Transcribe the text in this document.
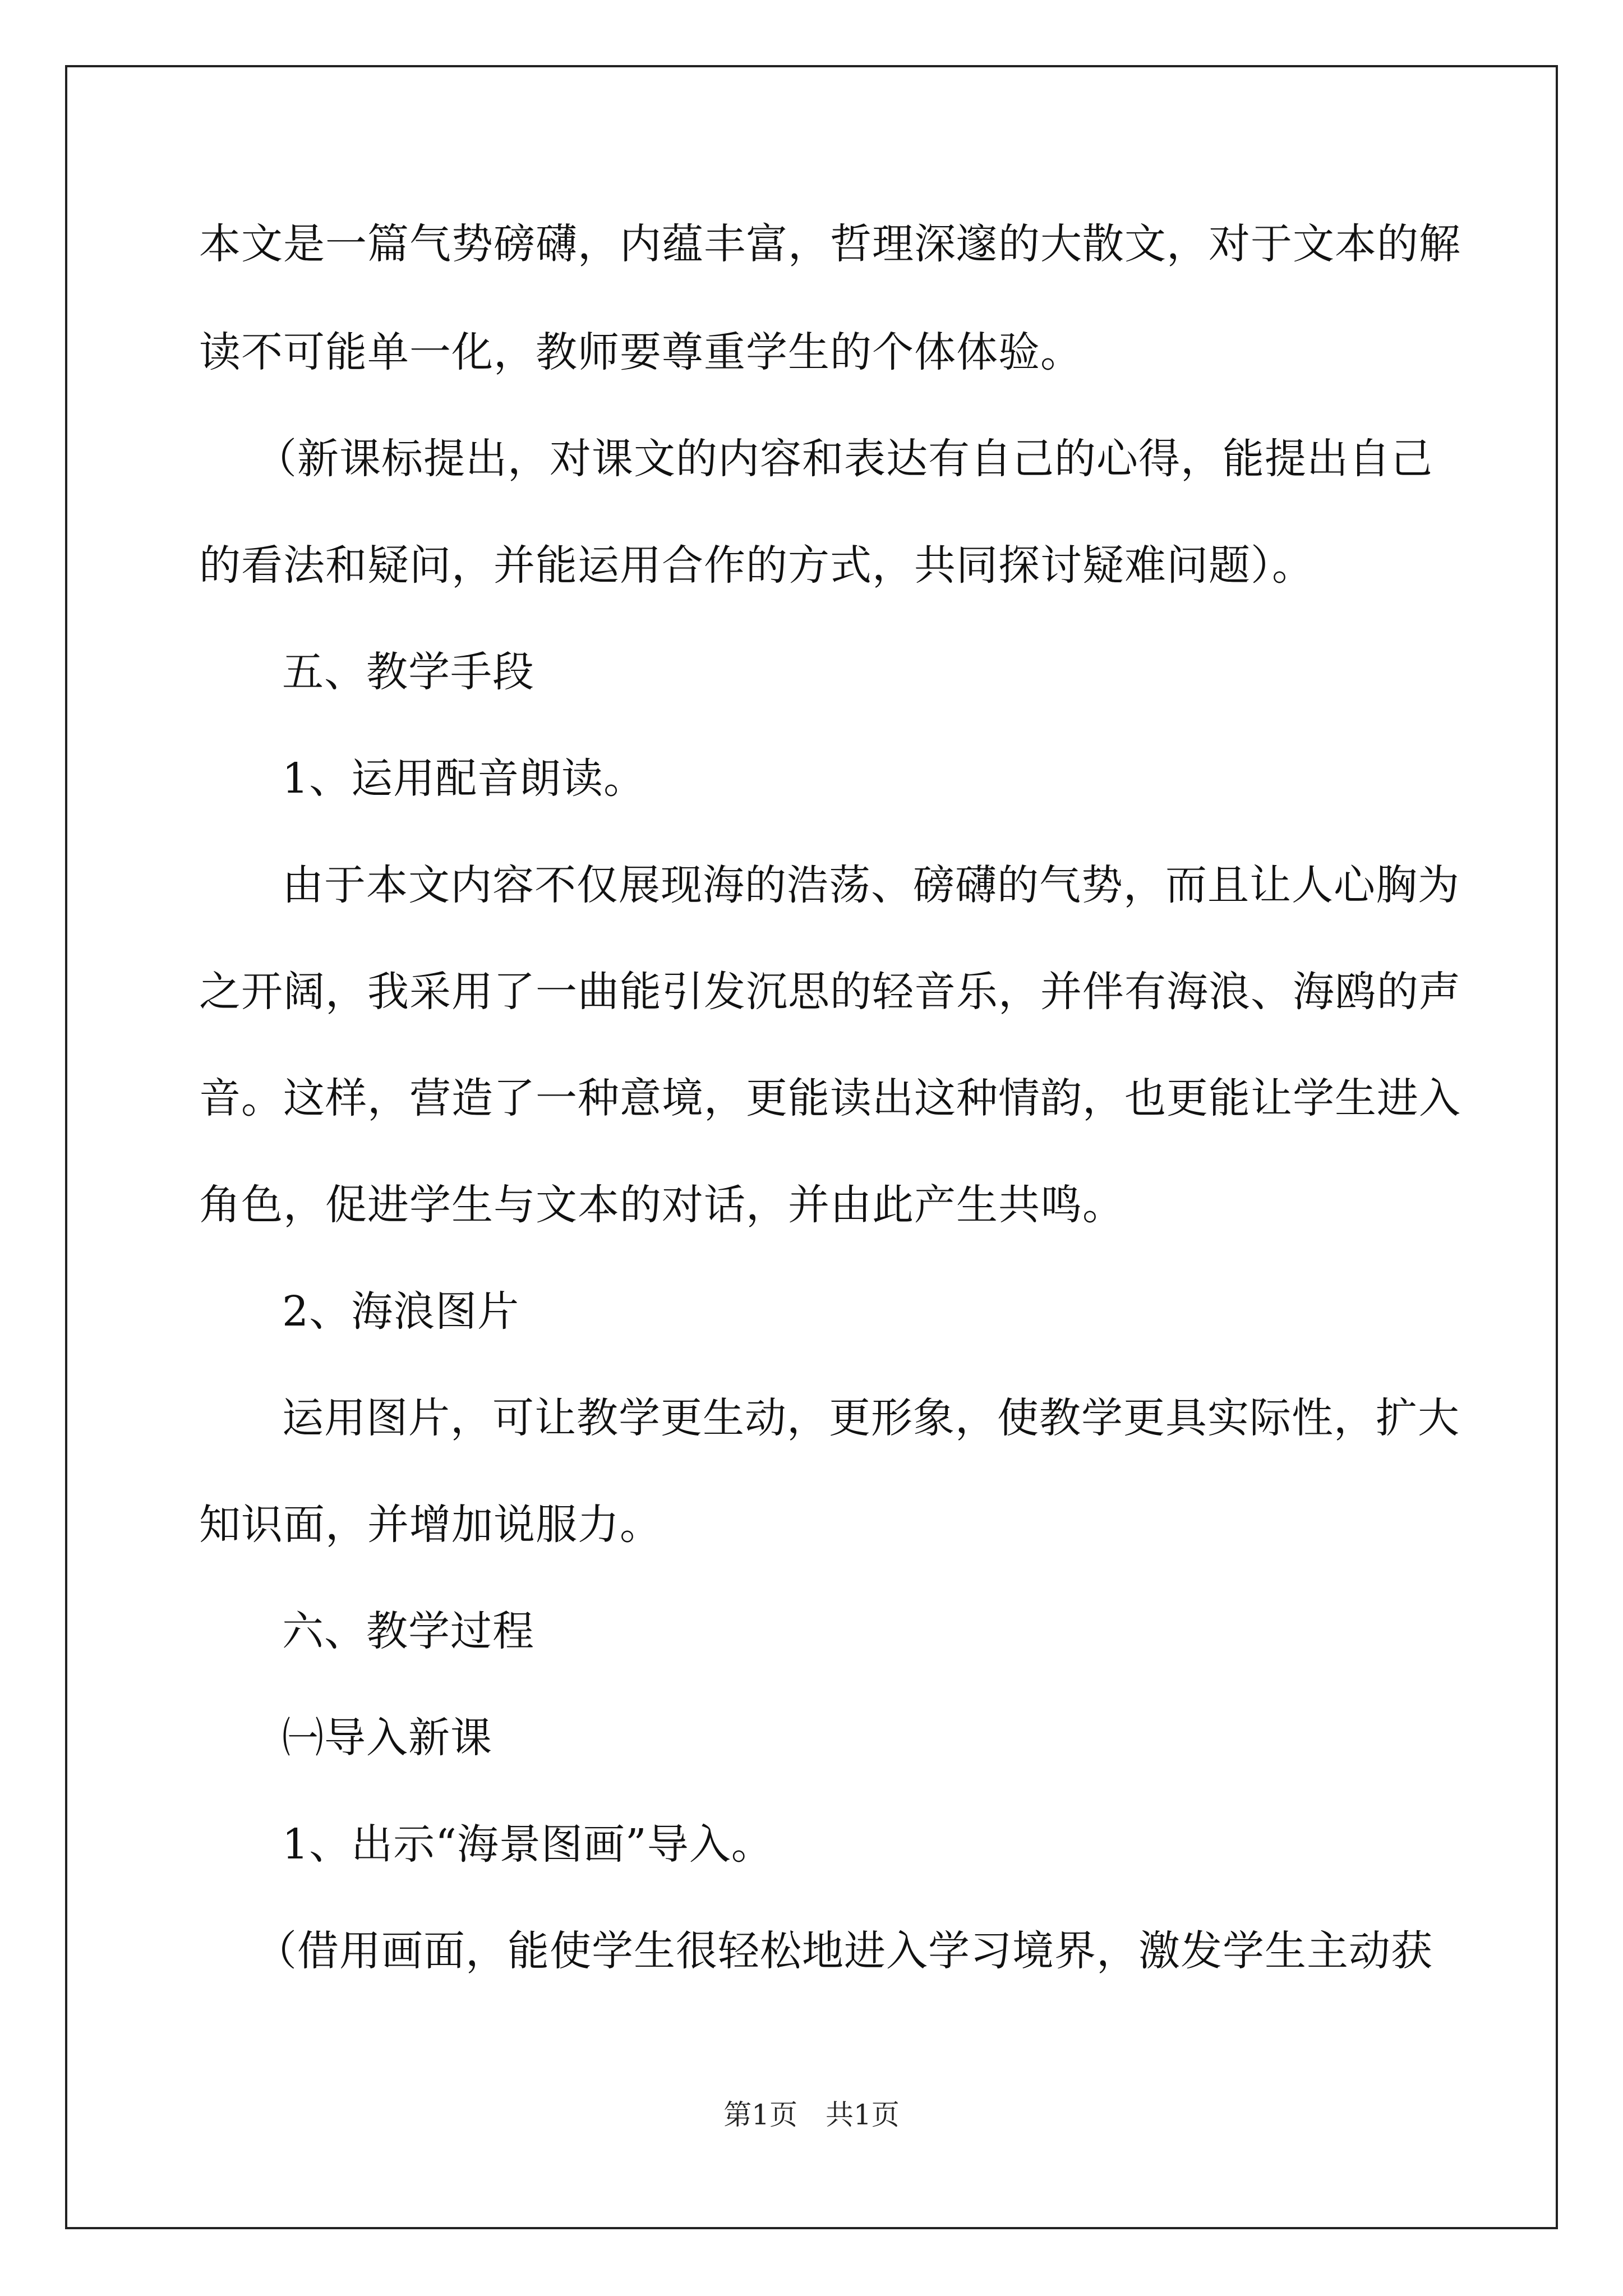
本文是一篇气势磅礴，内蕴丰富，哲理深邃的大散文，对于文本的解
读不可能单一化，教师要尊重学生的个体体验。
（新课标提出，对课文的内容和表达有自己的心得，能提出自己
的看法和疑问，并能运用合作的方式，共同探讨疑难问题）。
五、教学手段
1、运用配音朗读。
由于本文内容不仅展现海的浩荡、磅礴的气势，而且让人心胸为
之开阔，我采用了一曲能引发沉思的轻音乐，并伴有海浪、海鸥的声
音。这样，营造了一种意境，更能读出这种情韵，也更能让学生进入
角色，促进学生与文本的对话，并由此产生共鸣。
2、海浪图片
运用图片，可让教学更生动，更形象，使教学更具实际性，扩大
知识面，并增加说服力。
六、教学过程
㈠导入新课
1、出示“海景图画”导入。
（借用画面，能使学生很轻松地进入学习境界，激发学生主动获
第1页 共1页
